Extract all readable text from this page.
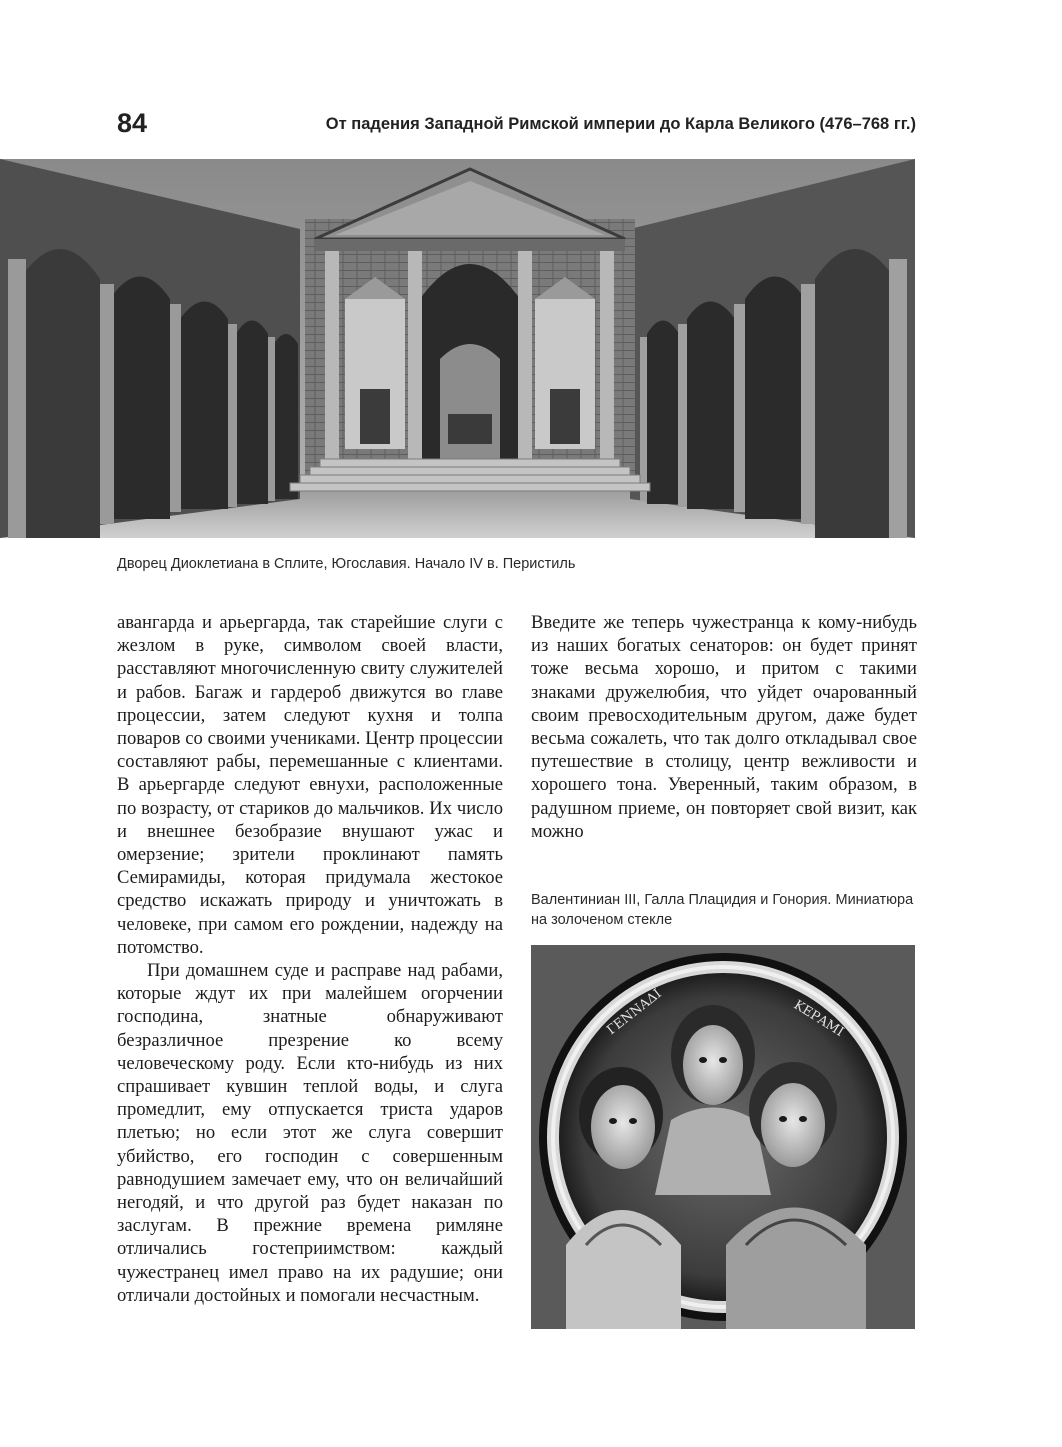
84	От падения Западной Римской империи до Карла Великого (476–768 гг.)
Дворец Диоклетиана в Сплите, Югославия. Начало IV в. Перистиль

авангарда и арьергарда, так старейшие слуги с жезлом в руке, символом своей власти, расставляют многочисленную свиту служителей и рабов. Багаж и гардероб движутся во главе процессии, затем следуют кухня и толпа поваров со своими учениками. Центр процессии составляют рабы, перемешанные с клиентами. В арьергарде следуют евнухи, расположенные по возрасту, от стариков до мальчиков. Их число и внешнее безобразие внушают ужас и омерзение; зрители проклинают память Семирамиды, которая придумала жестокое средство искажать природу и уничтожать в человеке, при самом его рождении, надежду на потомство.

При домашнем суде и расправе над рабами, которые ждут их при малейшем огорчении господина, знатные обнаруживают безразличное презрение ко всему человеческому роду. Если кто-нибудь из них спрашивает кувшин теплой воды, и слуга промедлит, ему отпускается триста ударов плетью; но если этот же слуга совершит убийство, его господин с совершенным равнодушием замечает ему, что он величайший негодяй, и что другой раз будет наказан по заслугам. В прежние времена римляне отличались гостеприимством: каждый чужестранец имел право на их радушие; они отличали достойных и помогали несчастным.

Введите же теперь чужестранца к кому-нибудь из наших богатых сенаторов: он будет принят тоже весьма хорошо, и притом с такими знаками дружелюбия, что уйдет очарованный своим превосходительным другом, даже будет весьма сожалеть, что так долго откладывал свое путешествие в столицу, центр вежливости и хорошего тона. Уверенный, таким образом, в радушном приеме, он повторяет свой визит, как можно

Валентиниан III, Галла Плацидия и Гонория. Миниатюра на золоченом стекле
ГЕΝΝΑΔΙ	ΚΕΡΑΜΙ
